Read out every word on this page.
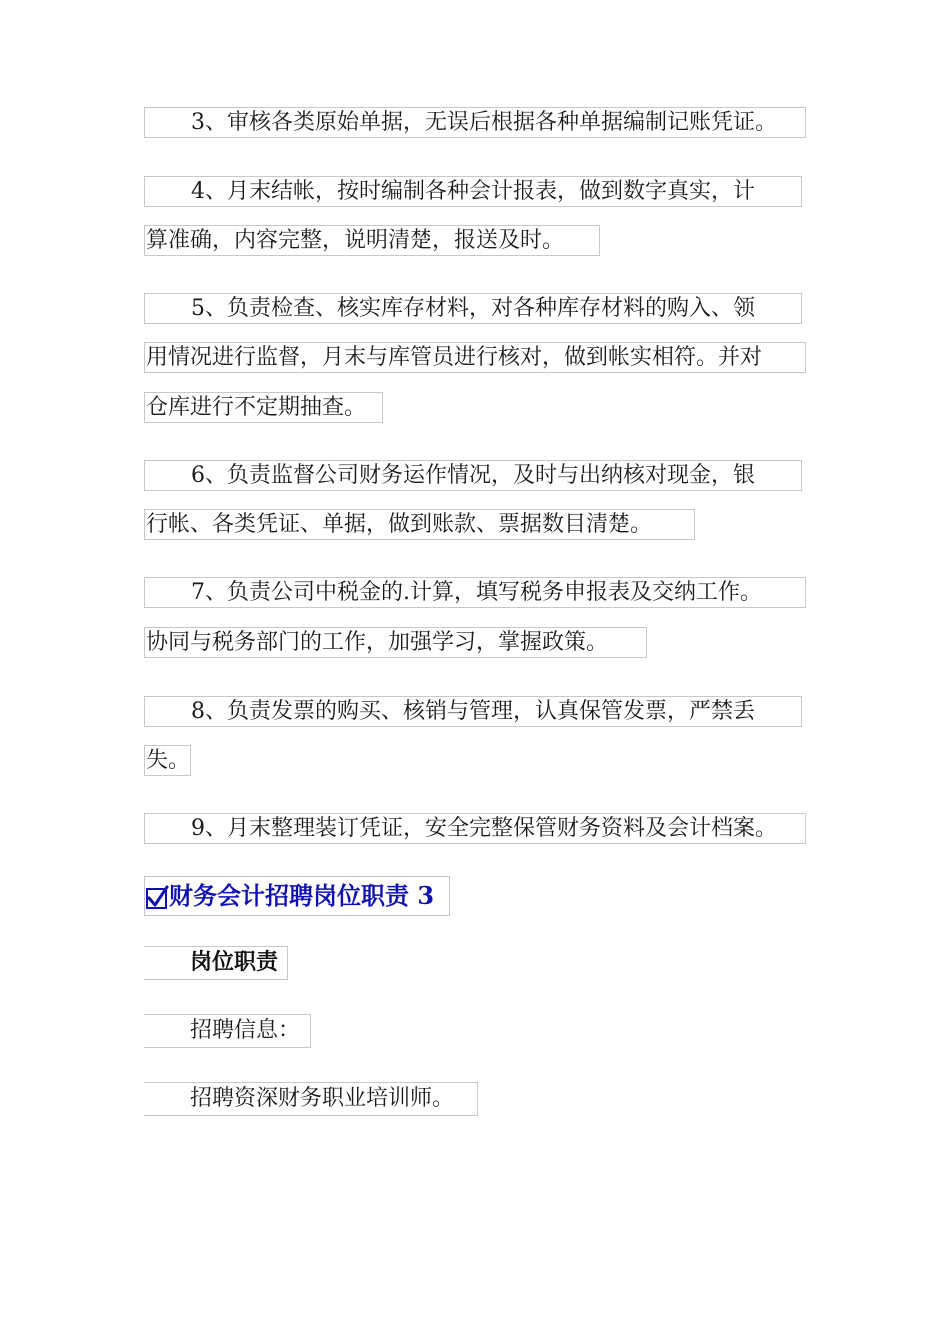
3、审核各类原始单据，无误后根据各种单据编制记账凭证。
4、月末结帐，按时编制各种会计报表，做到数字真实，计
算准确，内容完整，说明清楚，报送及时。
5、负责检查、核实库存材料，对各种库存材料的购入、领
用情况进行监督，月末与库管员进行核对，做到帐实相符。并对
仓库进行不定期抽查。
6、负责监督公司财务运作情况，及时与出纳核对现金，银
行帐、各类凭证、单据，做到账款、票据数目清楚。
7、负责公司中税金的.计算，填写税务申报表及交纳工作。
协同与税务部门的工作，加强学习，掌握政策。
8、负责发票的购买、核销与管理，认真保管发票，严禁丢
失。
9、月末整理装订凭证，安全完整保管财务资料及会计档案。
财务会计招聘岗位职责 3
岗位职责
招聘信息：
招聘资深财务职业培训师。
